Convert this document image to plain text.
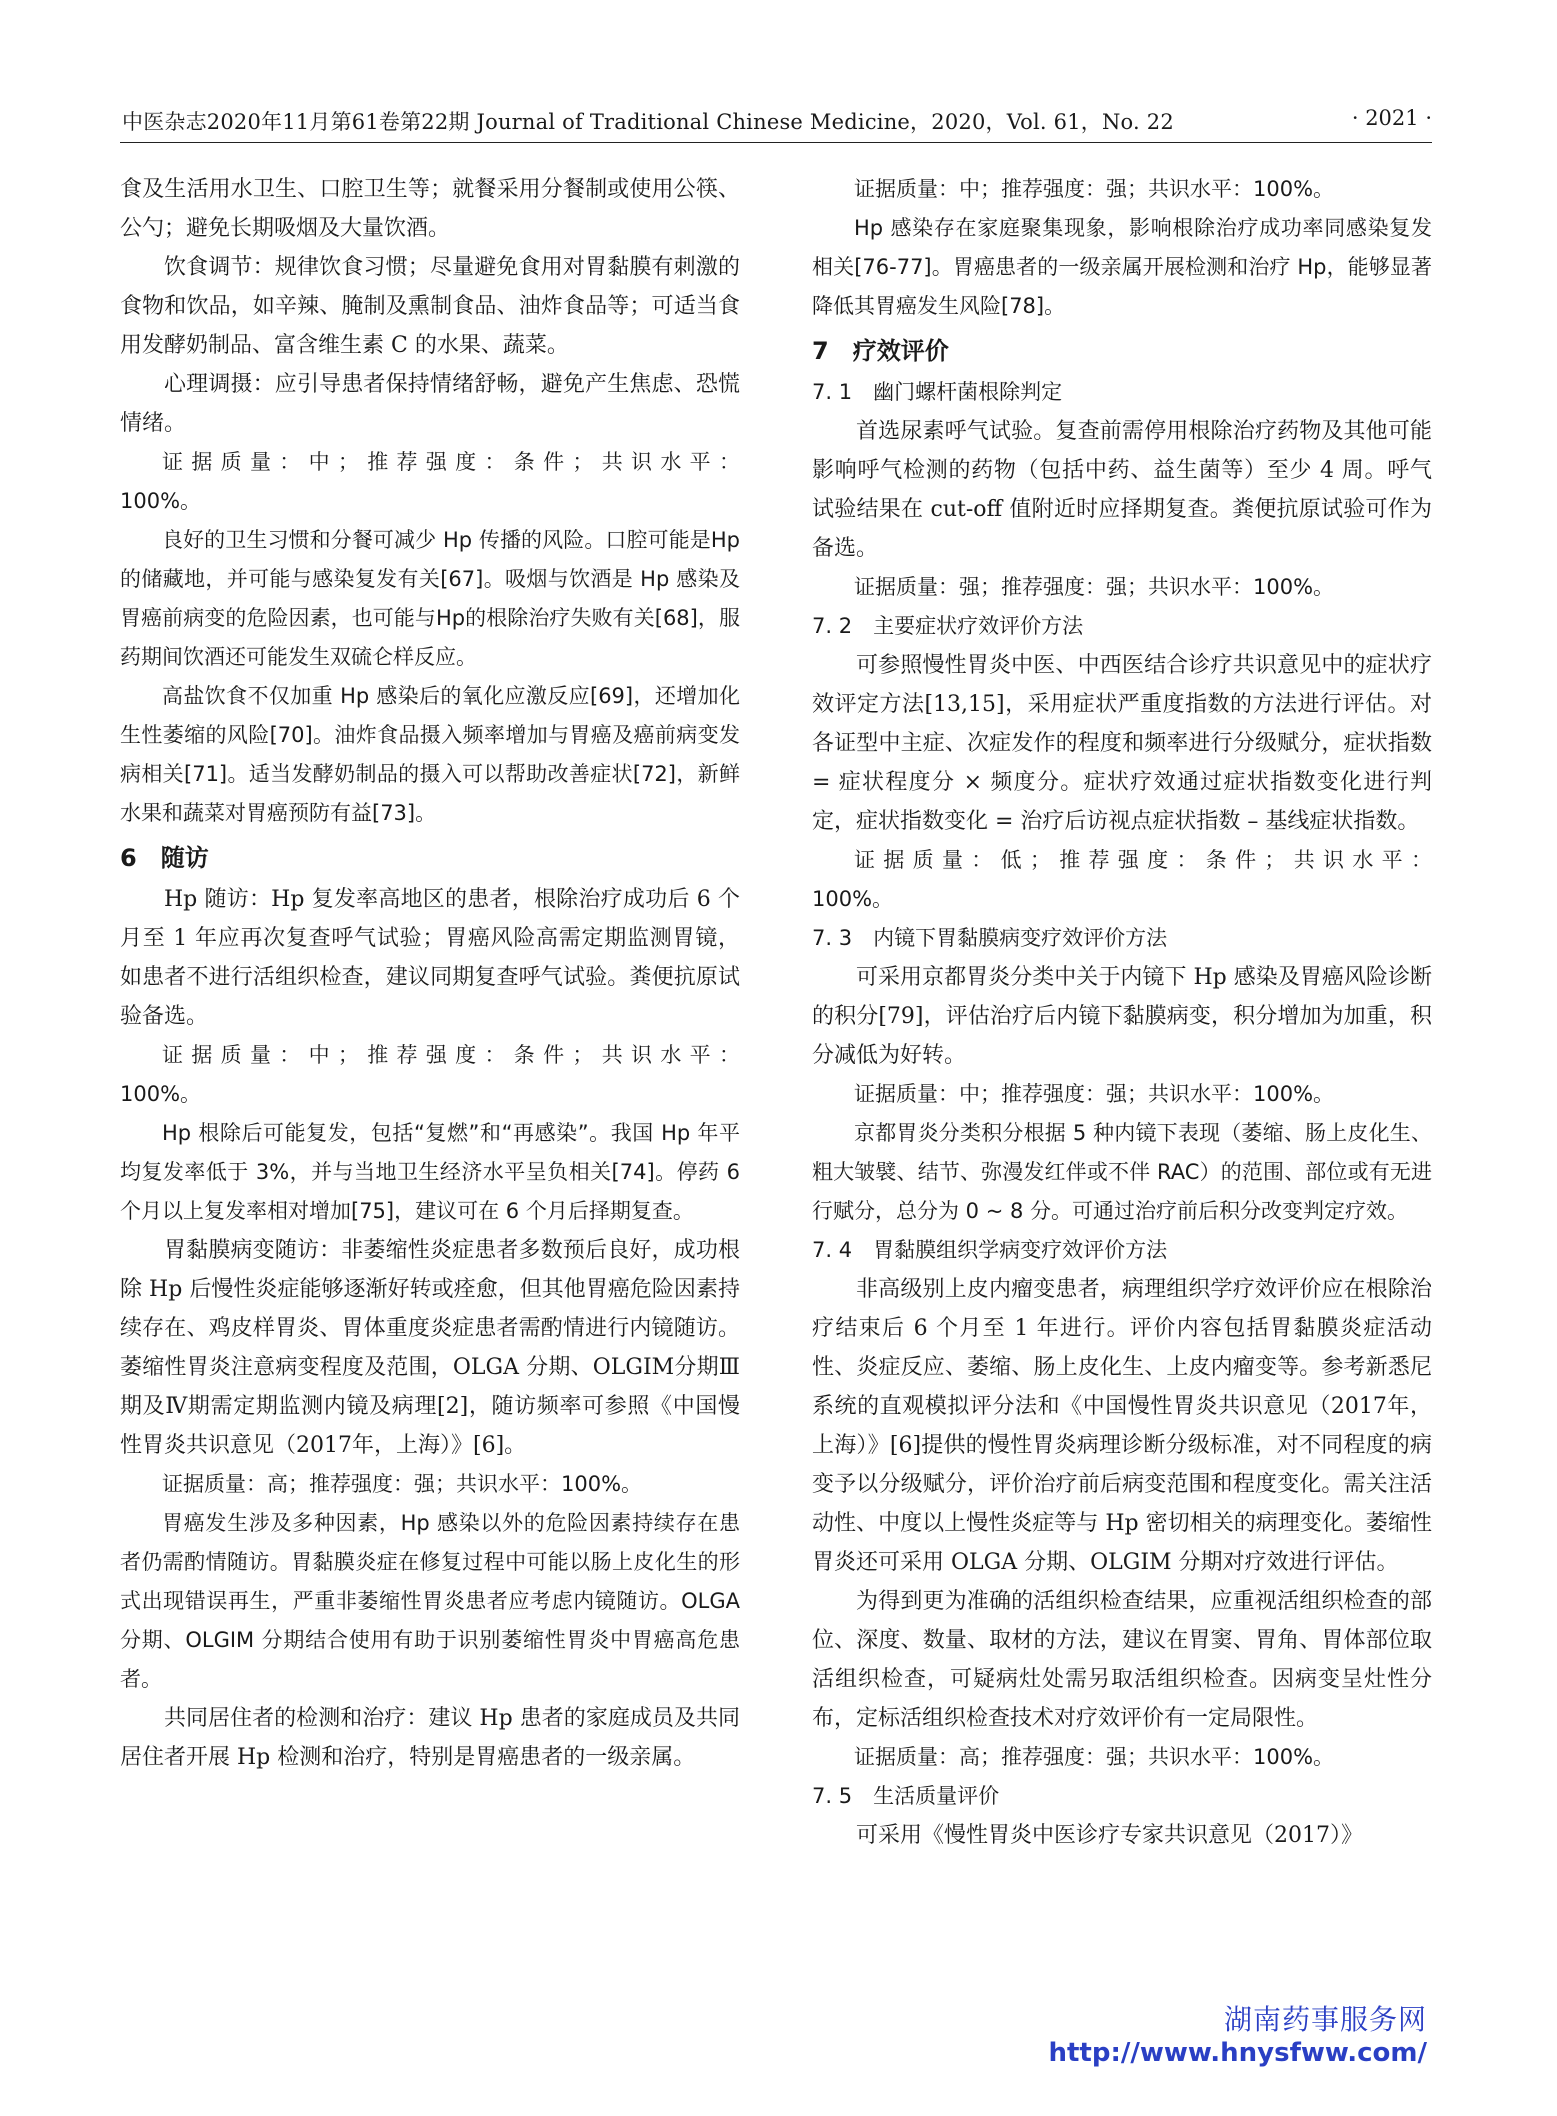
中医杂志2020年11月第61卷第22期 Journal of Traditional Chinese Medicine，2020，Vol. 61，No. 22	· 2021 ·

食及生活用水卫生、口腔卫生等；就餐采用分餐制或使用公筷、公勺；避免长期吸烟及大量饮酒。

饮食调节：规律饮食习惯；尽量避免食用对胃黏膜有刺激的食物和饮品，如辛辣、腌制及熏制食品、油炸食品等；可适当食用发酵奶制品、富含维生素 C 的水果、蔬菜。

心理调摄：应引导患者保持情绪舒畅，避免产生焦虑、恐慌情绪。

证据质量：中；推荐强度：条件；共识水平：

100%。

良好的卫生习惯和分餐可减少 Hp 传播的风险。口腔可能是Hp的储藏地，并可能与感染复发有关[67]。吸烟与饮酒是 Hp 感染及胃癌前病变的危险因素，也可能与Hp的根除治疗失败有关[68]，服药期间饮酒还可能发生双硫仑样反应。

高盐饮食不仅加重 Hp 感染后的氧化应激反应[69]，还增加化生性萎缩的风险[70]。油炸食品摄入频率增加与胃癌及癌前病变发病相关[71]。适当发酵奶制品的摄入可以帮助改善症状[72]，新鲜水果和蔬菜对胃癌预防有益[73]。

6　随访

Hp 随访：Hp 复发率高地区的患者，根除治疗成功后 6 个月至 1 年应再次复查呼气试验；胃癌风险高需定期监测胃镜，如患者不进行活组织检查，建议同期复查呼气试验。粪便抗原试验备选。

证据质量：中；推荐强度：条件；共识水平：

100%。

Hp 根除后可能复发，包括“复燃”和“再感染”。我国 Hp 年平均复发率低于 3%，并与当地卫生经济水平呈负相关[74]。停药 6 个月以上复发率相对增加[75]，建议可在 6 个月后择期复查。

胃黏膜病变随访：非萎缩性炎症患者多数预后良好，成功根除 Hp 后慢性炎症能够逐渐好转或痊愈，但其他胃癌危险因素持续存在、鸡皮样胃炎、胃体重度炎症患者需酌情进行内镜随访。萎缩性胃炎注意病变程度及范围，OLGA 分期、OLGIM分期Ⅲ期及Ⅳ期需定期监测内镜及病理[2]，随访频率可参照《中国慢性胃炎共识意见（2017年，上海）》[6]。

证据质量：高；推荐强度：强；共识水平：100%。

胃癌发生涉及多种因素，Hp 感染以外的危险因素持续存在患者仍需酌情随访。胃黏膜炎症在修复过程中可能以肠上皮化生的形式出现错误再生，严重非萎缩性胃炎患者应考虑内镜随访。OLGA分期、OLGIM 分期结合使用有助于识别萎缩性胃炎中胃癌高危患者。

共同居住者的检测和治疗：建议 Hp 患者的家庭成员及共同居住者开展 Hp 检测和治疗，特别是胃癌患者的一级亲属。

证据质量：中；推荐强度：强；共识水平：100%。

Hp 感染存在家庭聚集现象，影响根除治疗成功率同感染复发相关[76-77]。胃癌患者的一级亲属开展检测和治疗 Hp，能够显著降低其胃癌发生风险[78]。

7　疗效评价
7. 1　幽门螺杆菌根除判定

首选尿素呼气试验。复查前需停用根除治疗药物及其他可能影响呼气检测的药物（包括中药、益生菌等）至少 4 周。呼气试验结果在 cut-off 值附近时应择期复查。粪便抗原试验可作为备选。

证据质量：强；推荐强度：强；共识水平：100%。

7. 2　主要症状疗效评价方法

可参照慢性胃炎中医、中西医结合诊疗共识意见中的症状疗效评定方法[13,15]，采用症状严重度指数的方法进行评估。对各证型中主症、次症发作的程度和频率进行分级赋分，症状指数 = 症状程度分 × 频度分。症状疗效通过症状指数变化进行判定，症状指数变化 = 治疗后访视点症状指数 – 基线症状指数。

证据质量：低；推荐强度：条件；共识水平：

100%。

7. 3　内镜下胃黏膜病变疗效评价方法

可采用京都胃炎分类中关于内镜下 Hp 感染及胃癌风险诊断的积分[79]，评估治疗后内镜下黏膜病变，积分增加为加重，积分减低为好转。

证据质量：中；推荐强度：强；共识水平：100%。

京都胃炎分类积分根据 5 种内镜下表现（萎缩、肠上皮化生、粗大皱襞、结节、弥漫发红伴或不伴 RAC）的范围、部位或有无进行赋分，总分为 0 ~ 8 分。可通过治疗前后积分改变判定疗效。

7. 4　胃黏膜组织学病变疗效评价方法

非高级别上皮内瘤变患者，病理组织学疗效评价应在根除治疗结束后 6 个月至 1 年进行。评价内容包括胃黏膜炎症活动性、炎症反应、萎缩、肠上皮化生、上皮内瘤变等。参考新悉尼系统的直观模拟评分法和《中国慢性胃炎共识意见（2017年，上海）》[6]提供的慢性胃炎病理诊断分级标准，对不同程度的病变予以分级赋分，评价治疗前后病变范围和程度变化。需关注活动性、中度以上慢性炎症等与 Hp 密切相关的病理变化。萎缩性胃炎还可采用 OLGA 分期、OLGIM 分期对疗效进行评估。

为得到更为准确的活组织检查结果，应重视活组织检查的部位、深度、数量、取材的方法，建议在胃窦、胃角、胃体部位取活组织检查，可疑病灶处需另取活组织检查。因病变呈灶性分布，定标活组织检查技术对疗效评价有一定局限性。

证据质量：高；推荐强度：强；共识水平：100%。

7. 5　生活质量评价

可采用《慢性胃炎中医诊疗专家共识意见（2017）》

湖南药事服务网
http://www.hnysfww.com/
